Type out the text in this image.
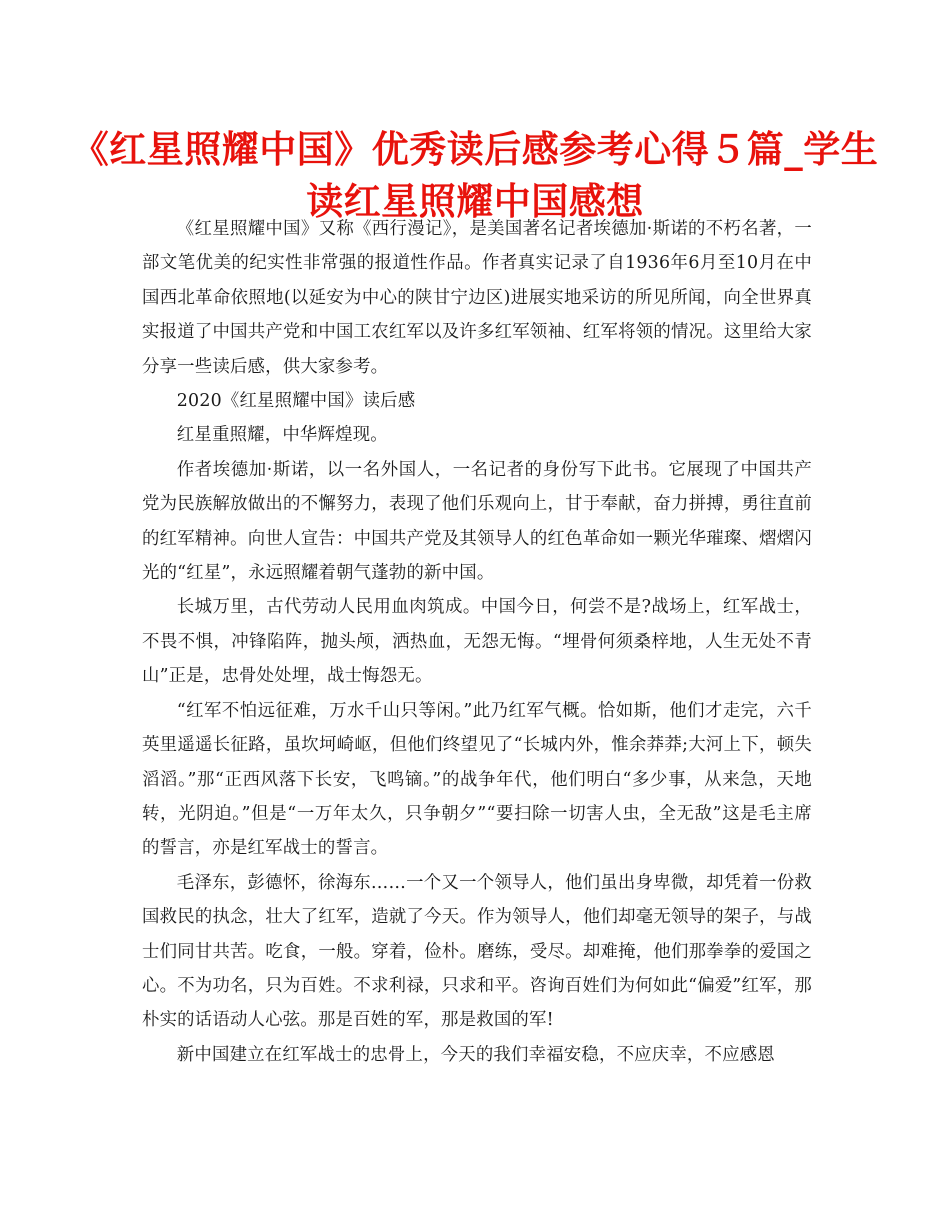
《红星照耀中国》优秀读后感参考心得５篇_学生读红星照耀中国感想

《红星照耀中国》又称《西行漫记》，是美国著名记者埃德加·斯诺的不朽名著，一部文笔优美的纪实性非常强的报道性作品。作者真实记录了自1936年6月至10月在中国西北革命依照地(以延安为中心的陕甘宁边区)进展实地采访的所见所闻，向全世界真实报道了中国共产党和中国工农红军以及许多红军领袖、红军将领的情况。这里给大家分享一些读后感，供大家参考。

2020《红星照耀中国》读后感

红星重照耀，中华辉煌现。

作者埃德加·斯诺，以一名外国人，一名记者的身份写下此书。它展现了中国共产党为民族解放做出的不懈努力，表现了他们乐观向上，甘于奉献，奋力拼搏，勇往直前的红军精神。向世人宣告：中国共产党及其领导人的红色革命如一颗光华璀璨、熠熠闪光的“红星”，永远照耀着朝气蓬勃的新中国。

长城万里，古代劳动人民用血肉筑成。中国今日，何尝不是?战场上，红军战士，不畏不惧，冲锋陷阵，抛头颅，洒热血，无怨无悔。“埋骨何须桑梓地，人生无处不青山”正是，忠骨处处埋，战士悔怨无。

“红军不怕远征难，万水千山只等闲。”此乃红军气概。恰如斯，他们才走完，六千英里遥遥长征路，虽坎坷崎岖，但他们终望见了“长城内外，惟余莽莽;大河上下，顿失滔滔。”那“正西风落下长安，飞鸣镝。”的战争年代，他们明白“多少事，从来急，天地转，光阴迫。”但是“一万年太久，只争朝夕”“要扫除一切害人虫，全无敌”这是毛主席的誓言，亦是红军战士的誓言。

毛泽东，彭德怀，徐海东……一个又一个领导人，他们虽出身卑微，却凭着一份救国救民的执念，壮大了红军，造就了今天。作为领导人，他们却毫无领导的架子，与战士们同甘共苦。吃食，一般。穿着，俭朴。磨练，受尽。却难掩，他们那拳拳的爱国之心。不为功名，只为百姓。不求利禄，只求和平。咨询百姓们为何如此“偏爱”红军，那朴实的话语动人心弦。那是百姓的军，那是救国的军!

新中国建立在红军战士的忠骨上，今天的我们幸福安稳，不应庆幸，不应感恩
